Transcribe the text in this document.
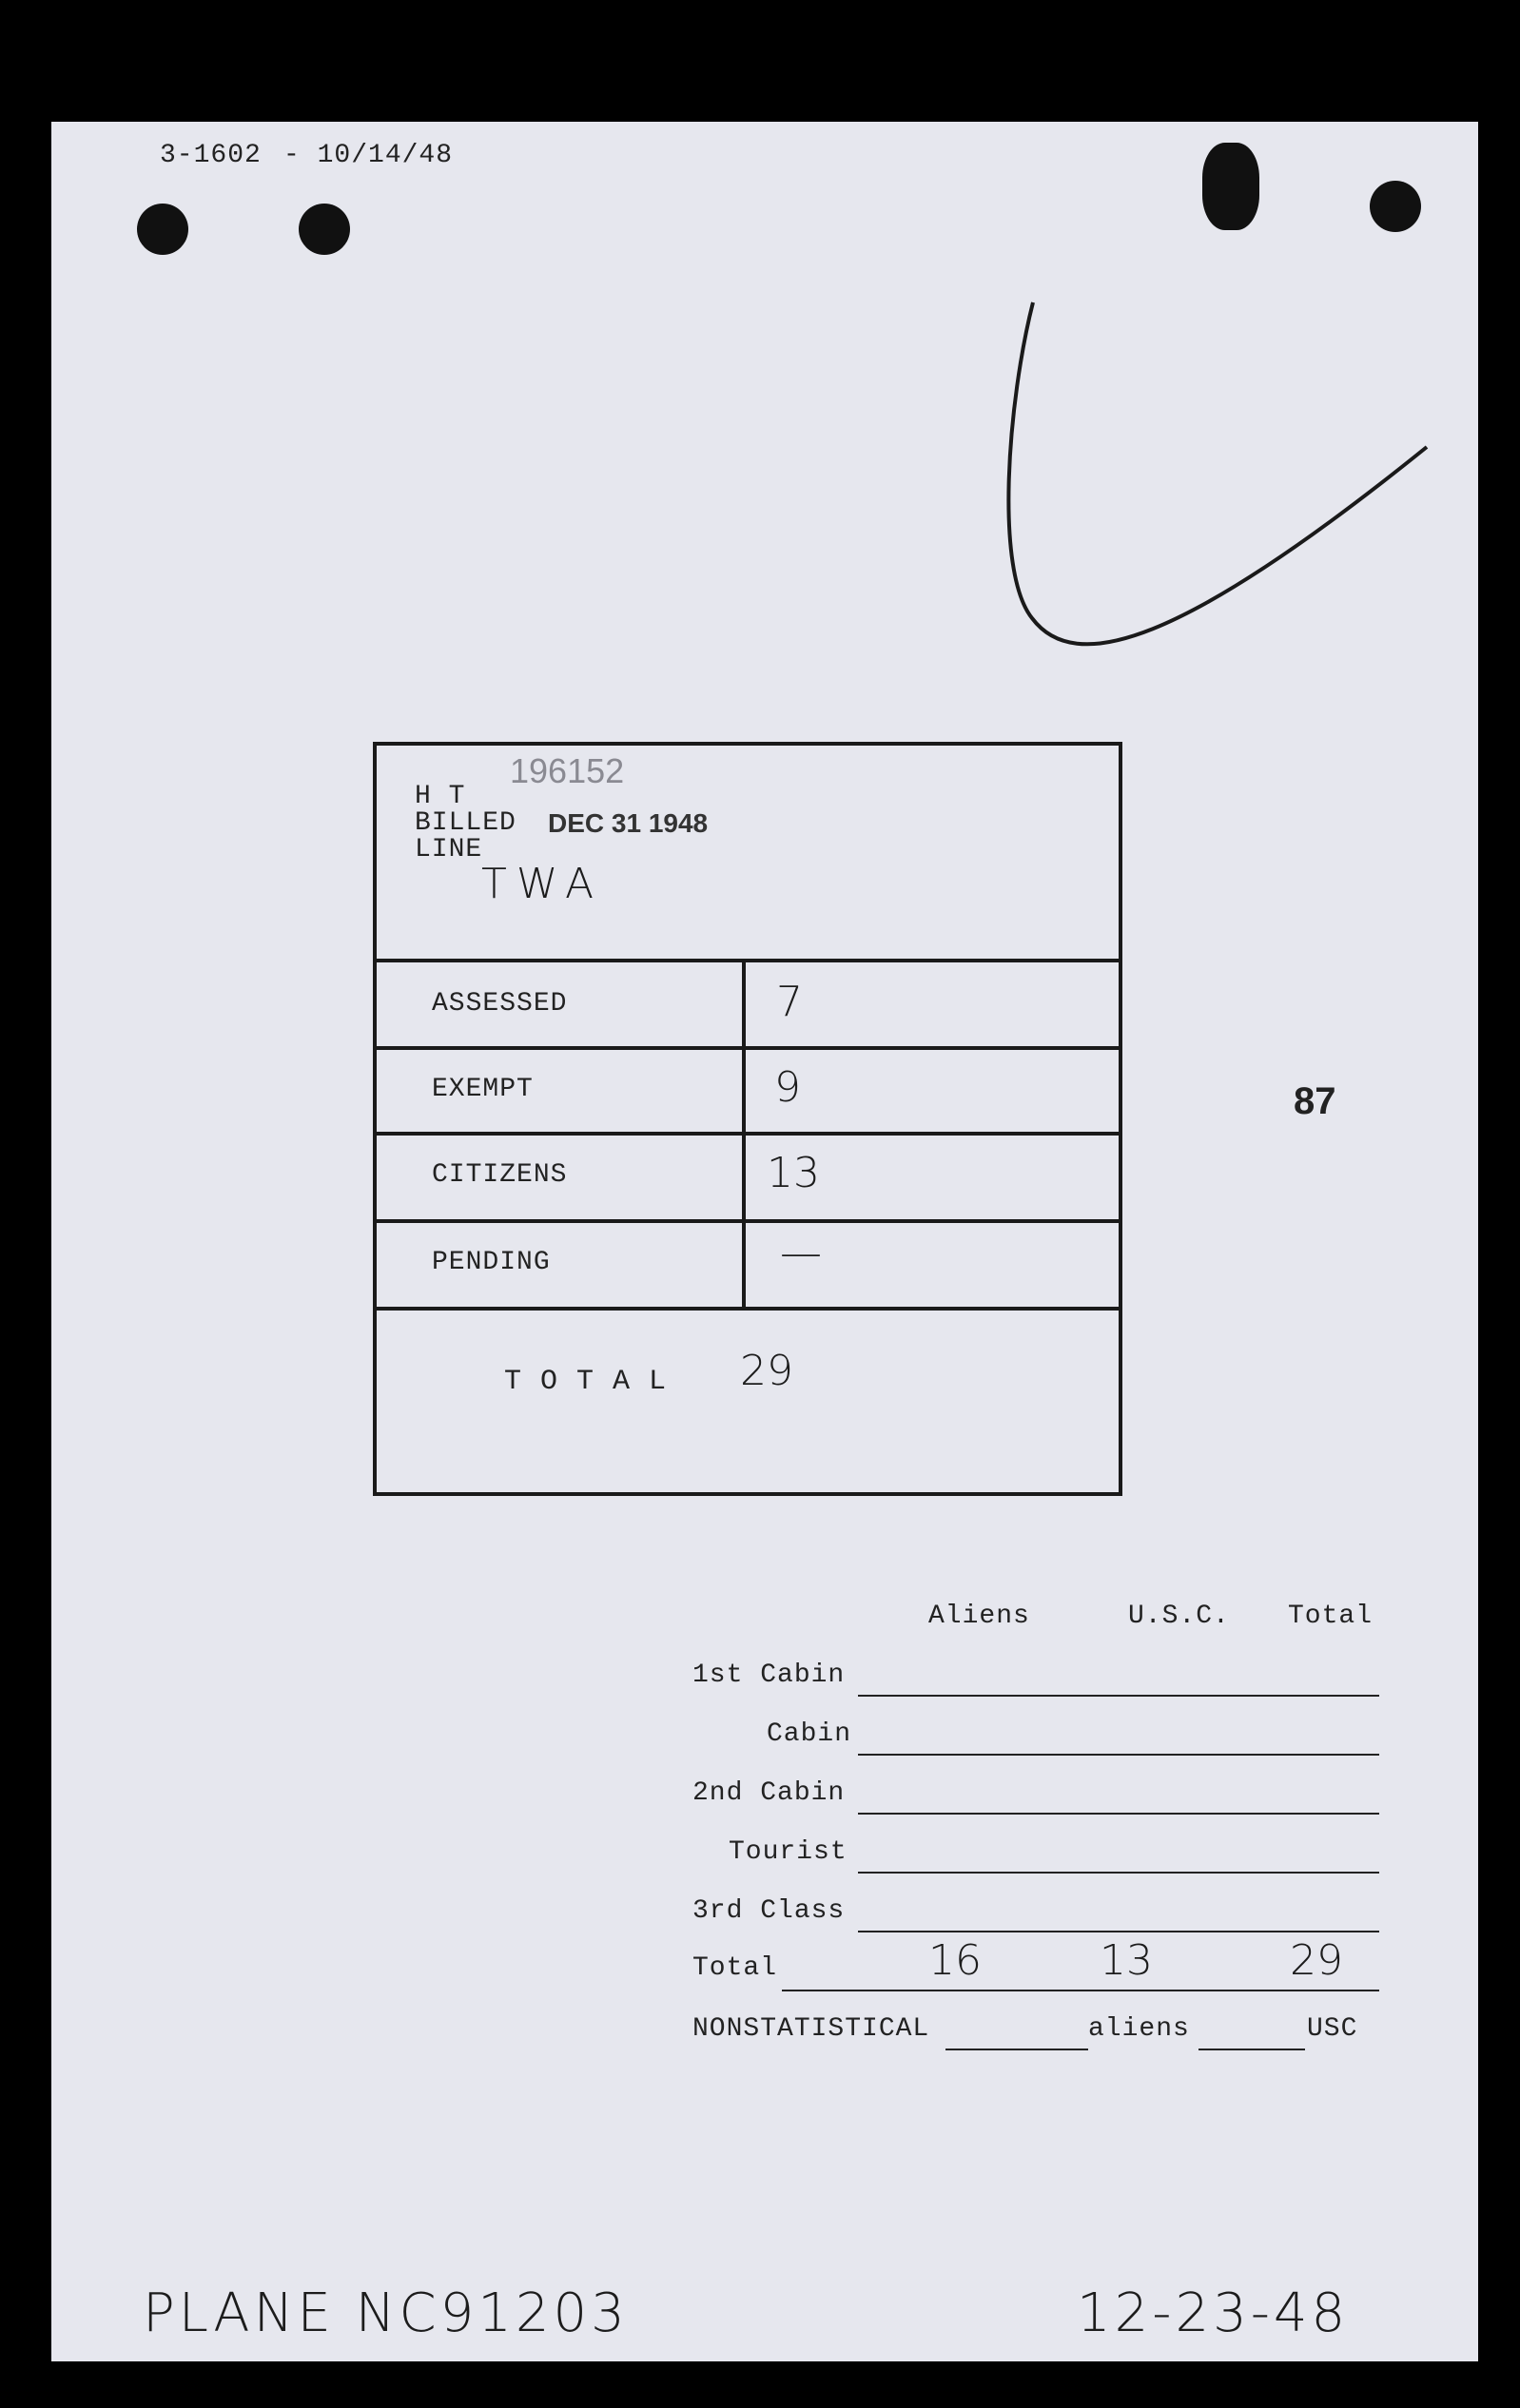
3-1602 - 10/14/48
196152
H T
BILLED DEC 31 1948
LINE
TWA
ASSESSED	7
EXEMPT	9
CITIZENS	13
PENDING	—
T O T A L 29
87
Aliens	U.S.C. Total
1st Cabin
Cabin
2nd Cabin
Tourist
3rd Class
Total	16	13	29
NONSTATISTICAL	aliens	USC
PLANE NC91203	12-23-48
